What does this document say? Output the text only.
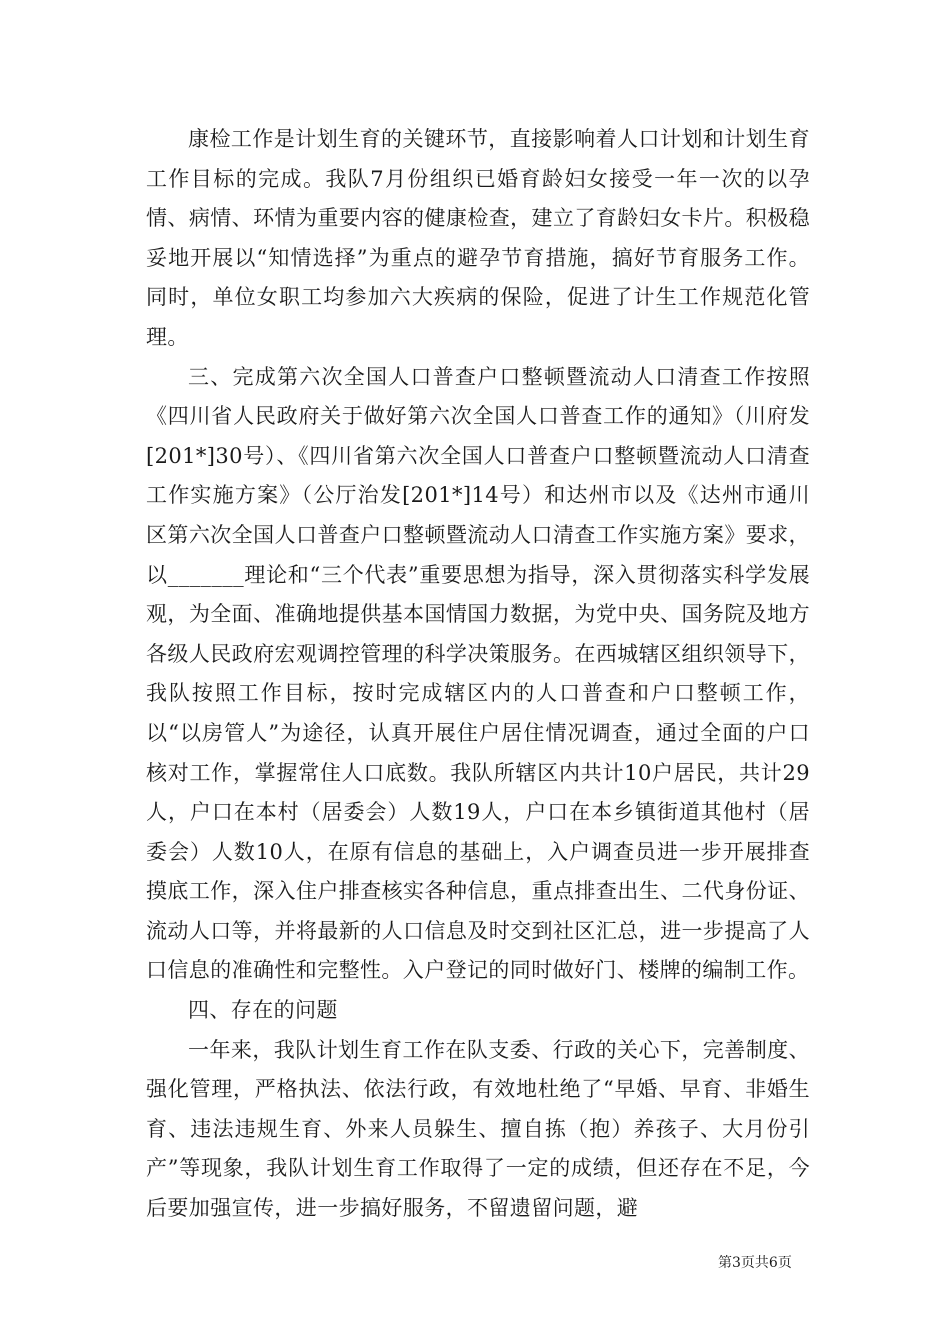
康检工作是计划生育的关键环节，直接影响着人口计划和计划生育工作目标的完成。我队7月份组织已婚育龄妇女接受一年一次的以孕情、病情、环情为重要内容的健康检查，建立了育龄妇女卡片。积极稳妥地开展以“知情选择”为重点的避孕节育措施，搞好节育服务工作。同时，单位女职工均参加六大疾病的保险，促进了计生工作规范化管理。

三、完成第六次全国人口普查户口整顿暨流动人口清查工作按照《四川省人民政府关于做好第六次全国人口普查工作的通知》（川府发[201*]30号）、《四川省第六次全国人口普查户口整顿暨流动人口清查工作实施方案》（公厅治发[201*]14号）和达州市以及《达州市通川区第六次全国人口普查户口整顿暨流动人口清查工作实施方案》要求，以_______理论和“三个代表”重要思想为指导，深入贯彻落实科学发展观，为全面、准确地提供基本国情国力数据，为党中央、国务院及地方各级人民政府宏观调控管理的科学决策服务。在西城辖区组织领导下，我队按照工作目标，按时完成辖区内的人口普查和户口整顿工作，以“以房管人”为途径，认真开展住户居住情况调查，通过全面的户口核对工作，掌握常住人口底数。我队所辖区内共计10户居民，共计29人，户口在本村（居委会）人数19人，户口在本乡镇街道其他村（居委会）人数10人，在原有信息的基础上，入户调查员进一步开展排查摸底工作，深入住户排查核实各种信息，重点排查出生、二代身份证、流动人口等，并将最新的人口信息及时交到社区汇总，进一步提高了人口信息的准确性和完整性。入户登记的同时做好门、楼牌的编制工作。

四、存在的问题

一年来，我队计划生育工作在队支委、行政的关心下，完善制度、强化管理，严格执法、依法行政，有效地杜绝了“早婚、早育、非婚生育、违法违规生育、外来人员躲生、擅自拣（抱）养孩子、大月份引产”等现象，我队计划生育工作取得了一定的成绩，但还存在不足，今后要加强宣传，进一步搞好服务，不留遗留问题，避

第3页共6页
